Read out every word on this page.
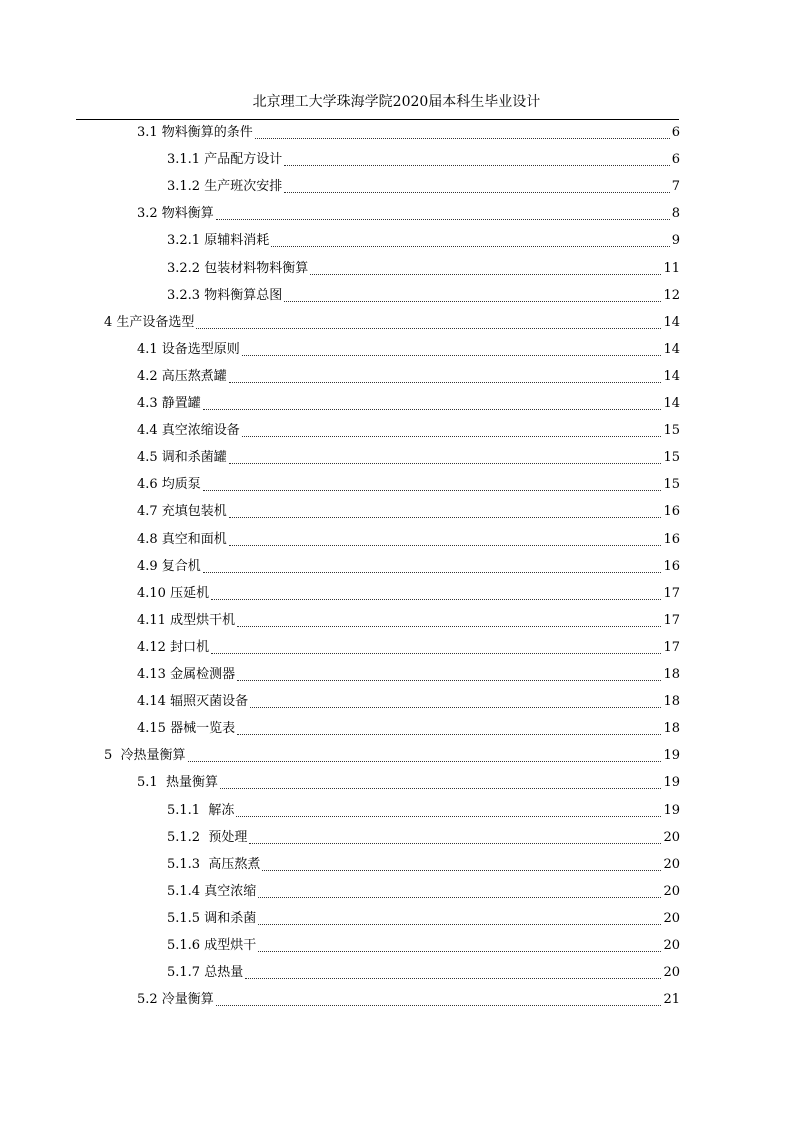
北京理工大学珠海学院2020届本科生毕业设计
3.1 物料衡算的条件	6
3.1.1 产品配方设计	6
3.1.2 生产班次安排	7
3.2 物料衡算	8
3.2.1 原辅料消耗	9
3.2.2 包装材料物料衡算	11
3.2.3 物料衡算总图	12
4 生产设备选型	14
4.1 设备选型原则	14
4.2 高压熬煮罐	14
4.3 静置罐	14
4.4 真空浓缩设备	15
4.5 调和杀菌罐	15
4.6 均质泵	15
4.7 充填包装机	16
4.8 真空和面机	16
4.9 复合机	16
4.10 压延机	17
4.11 成型烘干机	17
4.12 封口机	17
4.13 金属检测器	18
4.14 辐照灭菌设备	18
4.15 器械一览表	18
5  冷热量衡算	19
5.1  热量衡算	19
5.1.1  解冻	19
5.1.2  预处理	20
5.1.3  高压熬煮	20
5.1.4 真空浓缩	20
5.1.5 调和杀菌	20
5.1.6 成型烘干	20
5.1.7 总热量	20
5.2 冷量衡算	21
